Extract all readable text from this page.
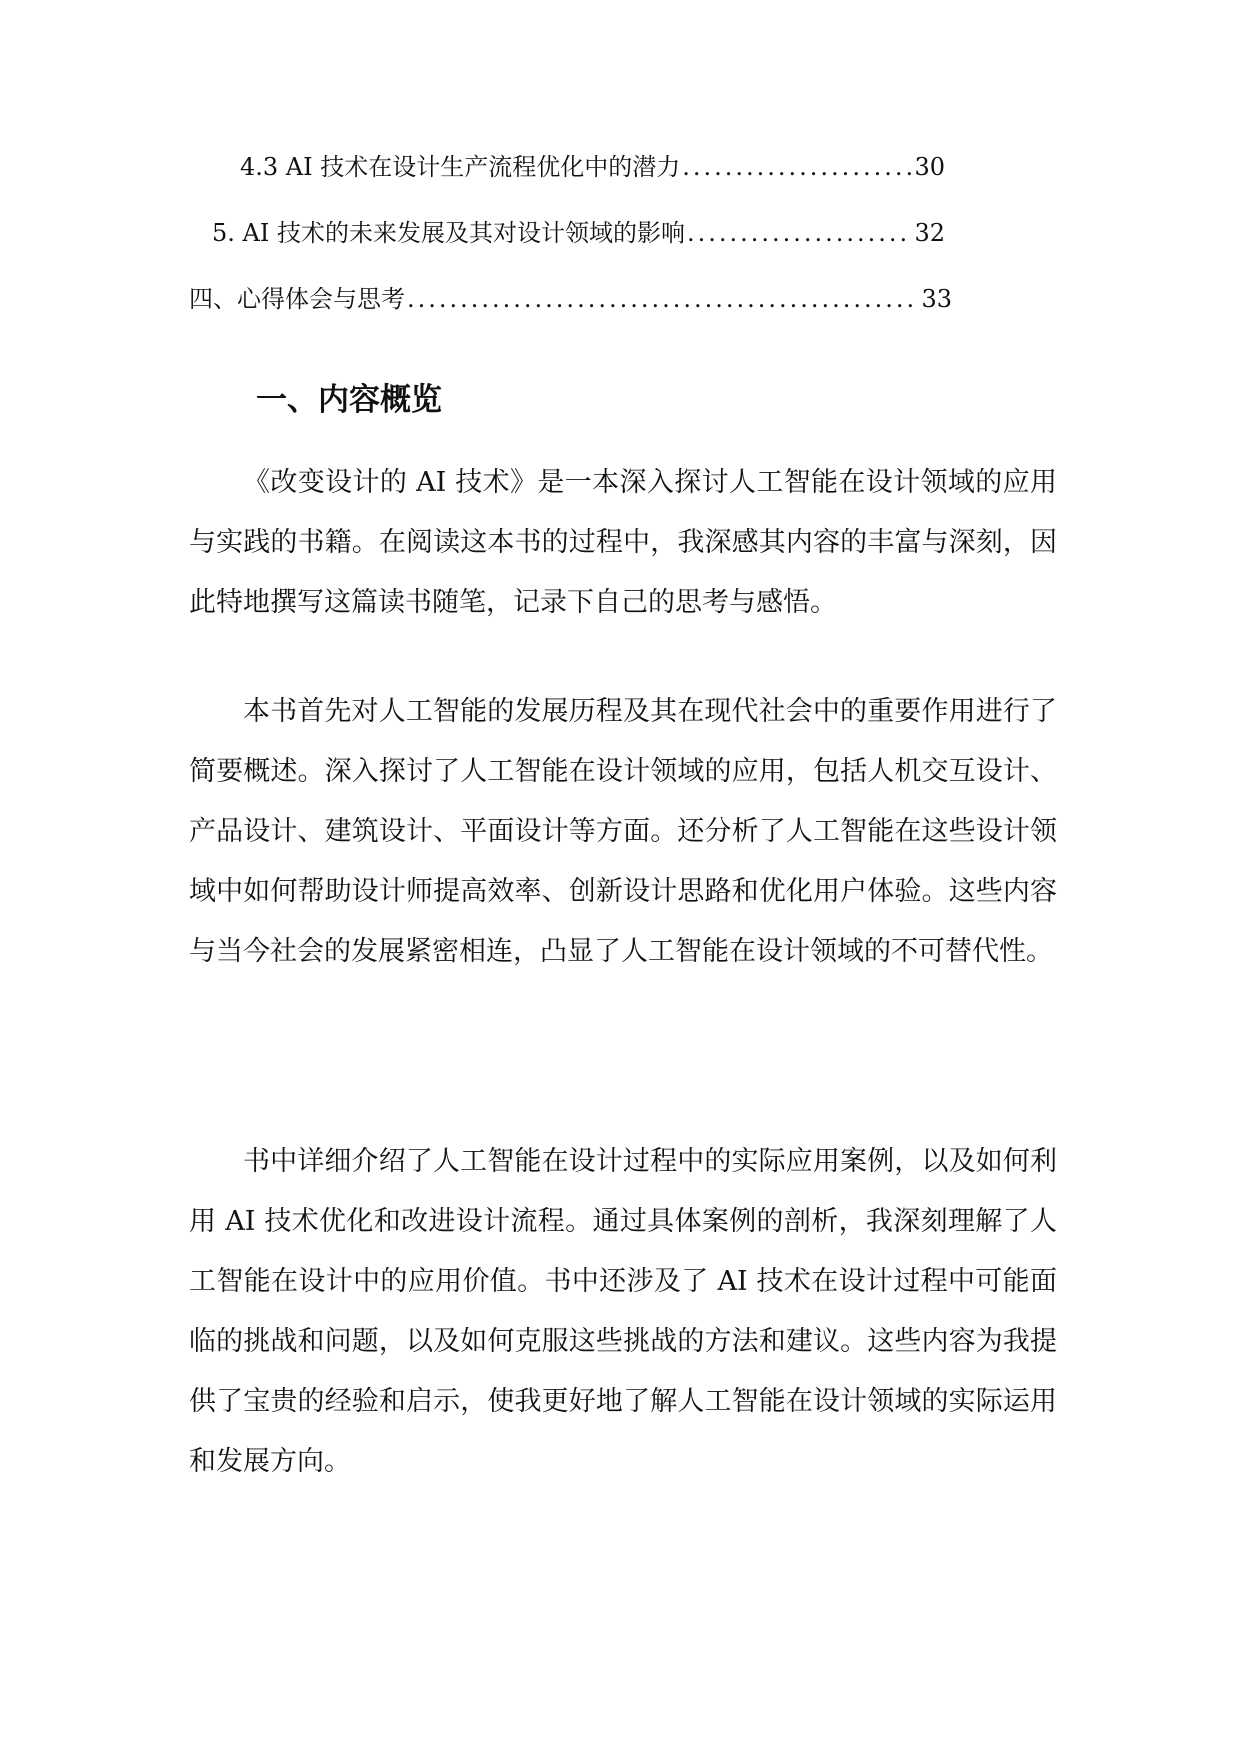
4.3 AI 技术在设计生产流程优化中的潜力 .....	30
5. AI 技术的未来发展及其对设计领域的影响 .....	32
四、心得体会与思考 .....	33
一、内容概览

《改变设计的 AI 技术》是一本深入探讨人工智能在设计领域的应用与实践的书籍。在阅读这本书的过程中，我深感其内容的丰富与深刻，因此特地撰写这篇读书随笔，记录下自己的思考与感悟。

本书首先对人工智能的发展历程及其在现代社会中的重要作用进行了简要概述。深入探讨了人工智能在设计领域的应用，包括人机交互设计、产品设计、建筑设计、平面设计等方面。还分析了人工智能在这些设计领域中如何帮助设计师提高效率、创新设计思路和优化用户体验。这些内容与当今社会的发展紧密相连，凸显了人工智能在设计领域的不可替代性。

书中详细介绍了人工智能在设计过程中的实际应用案例，以及如何利用 AI 技术优化和改进设计流程。通过具体案例的剖析，我深刻理解了人工智能在设计中的应用价值。书中还涉及了 AI 技术在设计过程中可能面临的挑战和问题，以及如何克服这些挑战的方法和建议。这些内容为我提供了宝贵的经验和启示，使我更好地了解人工智能在设计领域的实际运用和发展方向。
